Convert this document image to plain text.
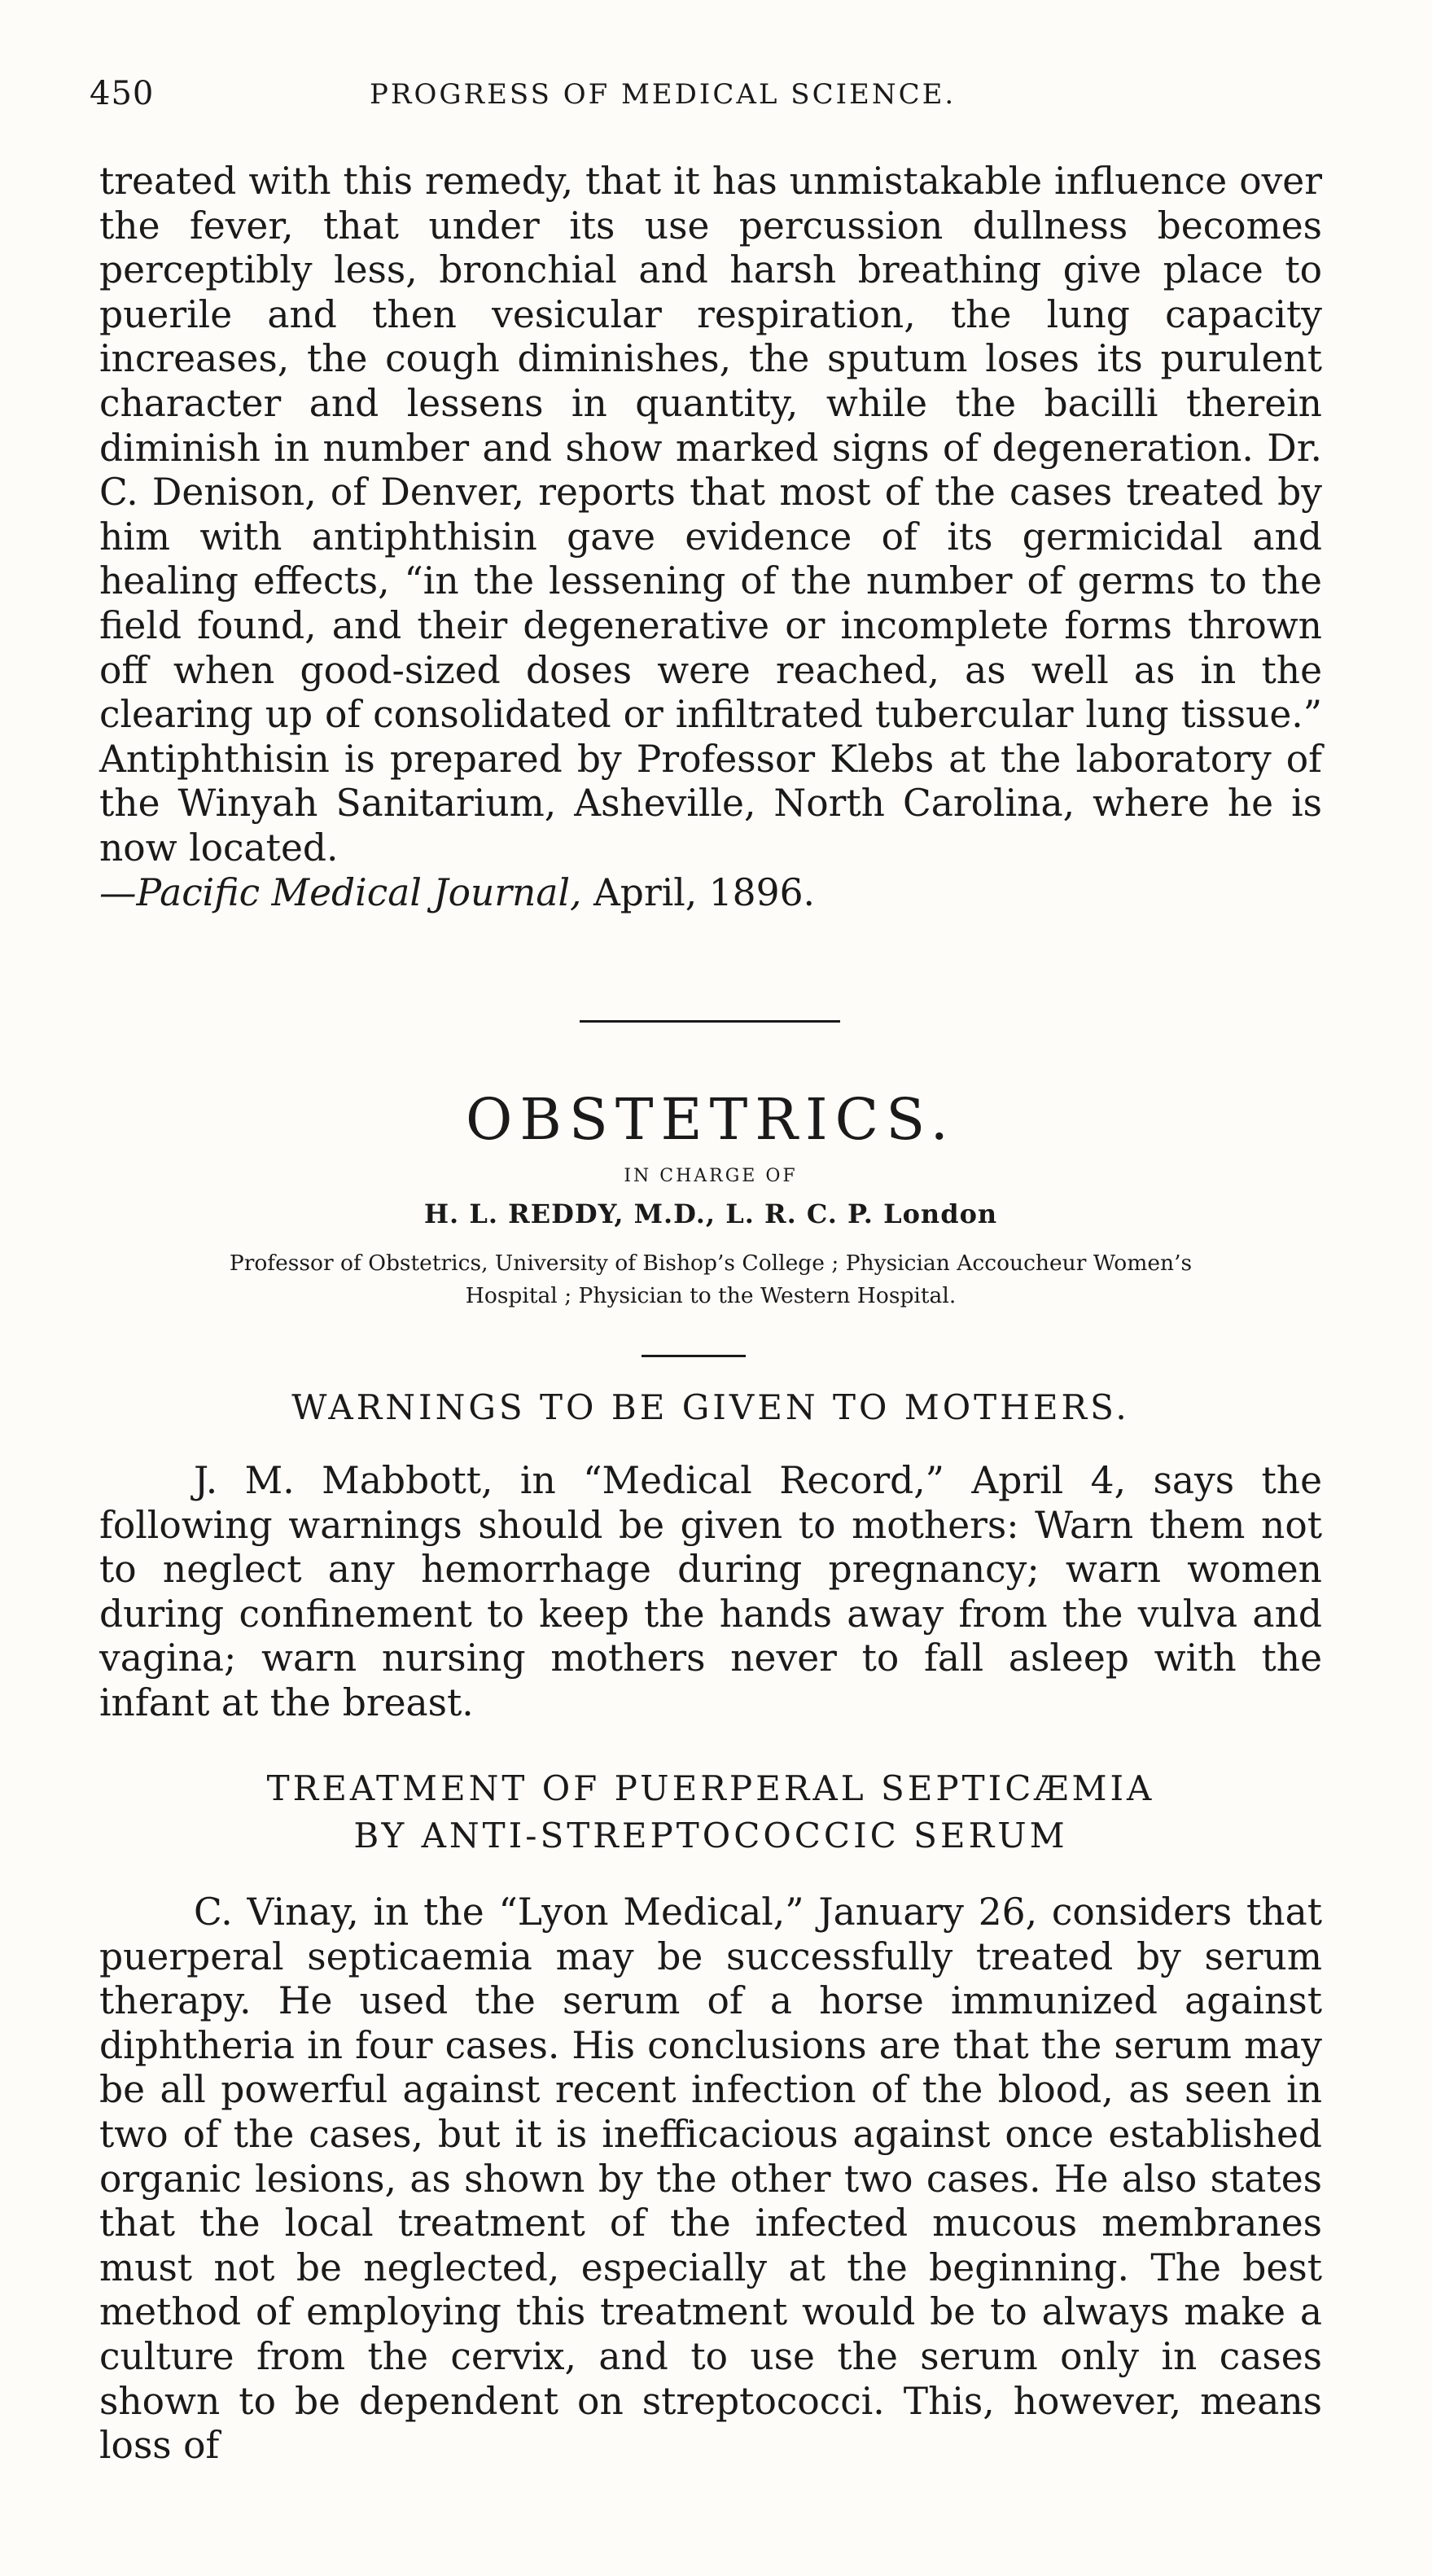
450	PROGRESS OF MEDICAL SCIENCE.
treated with this remedy, that it has unmistakable influence over the fever, that under its use percussion dullness becomes perceptibly less, bronchial and harsh breathing give place to puerile and then vesicular respiration, the lung capacity increases, the cough diminishes, the sputum loses its purulent character and lessens in quantity, while the bacilli therein diminish in number and show marked signs of degeneration. Dr. C. Denison, of Denver, reports that most of the cases treated by him with antiphthisin gave evidence of its germicidal and healing effects, “in the lessening of the number of germs to the field found, and their degenerative or incomplete forms thrown off when good-sized doses were reached, as well as in the clearing up of consolidated or infiltrated tubercular lung tissue.” Antiphthisin is prepared by Professor Klebs at the laboratory of the Winyah Sanitarium, Asheville, North Carolina, where he is now located.
—Pacific Medical Journal, April, 1896.
OBSTETRICS.
IN CHARGE OF
H. L. REDDY, M.D., L. R. C. P. London
Professor of Obstetrics, University of Bishop’s College ; Physician Accoucheur Women’s
Hospital ; Physician to the Western Hospital.
WARNINGS TO BE GIVEN TO MOTHERS.
J. M. Mabbott, in “Medical Record,” April 4, says the following warnings should be given to mothers: Warn them not to neglect any hemorrhage during pregnancy; warn women during confinement to keep the hands away from the vulva and vagina; warn nursing mothers never to fall asleep with the infant at the breast.
TREATMENT OF PUERPERAL SEPTICÆMIA
BY ANTI-STREPTOCOCCIC SERUM
C. Vinay, in the “Lyon Medical,” January 26, considers that puerperal septicaemia may be successfully treated by serum therapy. He used the serum of a horse immunized against diphtheria in four cases. His conclusions are that the serum may be all powerful against recent infection of the blood, as seen in two of the cases, but it is inefficacious against once established organic lesions, as shown by the other two cases. He also states that the local treatment of the infected mucous membranes must not be neglected, especially at the beginning. The best method of employing this treatment would be to always make a culture from the cervix, and to use the serum only in cases shown to be dependent on streptococci. This, however, means loss of
